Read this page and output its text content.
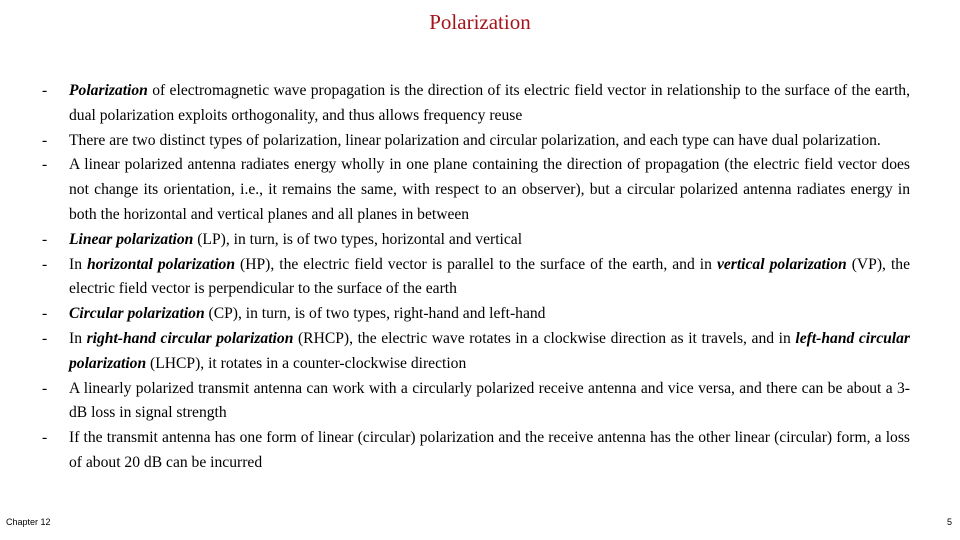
Polarization
- Polarization of electromagnetic wave propagation is the direction of its electric field vector in relationship to the surface of the earth, dual polarization exploits orthogonality, and thus allows frequency reuse
- There are two distinct types of polarization, linear polarization and circular polarization, and each type can have dual polarization.
- A linear polarized antenna radiates energy wholly in one plane containing the direction of propagation (the electric field vector does not change its orientation, i.e., it remains the same, with respect to an observer), but a circular polarized antenna radiates energy in both the horizontal and vertical planes and all planes in between
- Linear polarization (LP), in turn, is of two types, horizontal and vertical
- In horizontal polarization (HP), the electric field vector is parallel to the surface of the earth, and in vertical polarization (VP), the electric field vector is perpendicular to the surface of the earth
- Circular polarization (CP), in turn, is of two types, right-hand and left-hand
- In right-hand circular polarization (RHCP), the electric wave rotates in a clockwise direction as it travels, and in left-hand circular polarization (LHCP), it rotates in a counter-clockwise direction
- A linearly polarized transmit antenna can work with a circularly polarized receive antenna and vice versa, and there can be about a 3-dB loss in signal strength
- If the transmit antenna has one form of linear (circular) polarization and the receive antenna has the other linear (circular) form, a loss of about 20 dB can be incurred
Chapter 12	5
